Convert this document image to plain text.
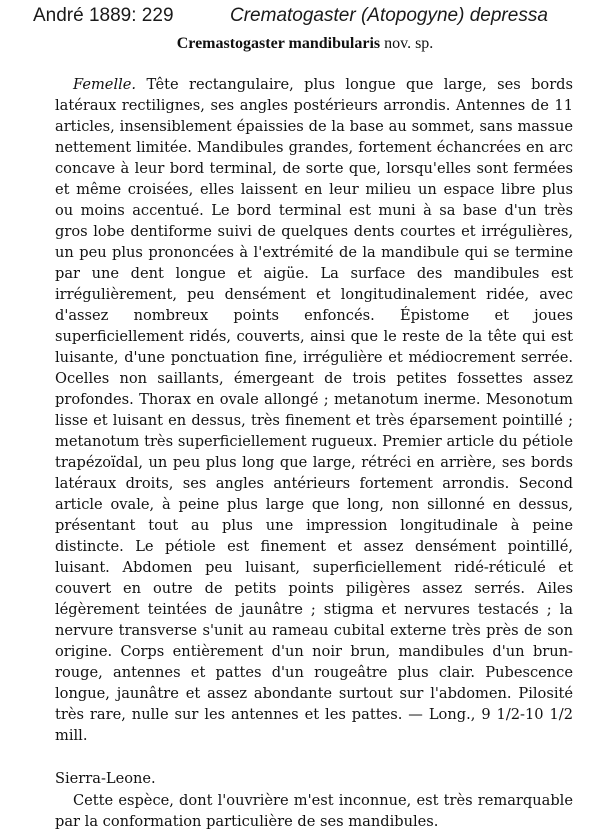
André 1889: 229	Crematogaster (Atopogyne) depressa
Cremastogaster mandibularis nov. sp.

Femelle. Tête rectangulaire, plus longue que large, ses bords latéraux rectilignes, ses angles postérieurs arrondis. Antennes de 11 articles, insensiblement épaissies de la base au sommet, sans massue nettement limitée. Mandibules grandes, fortement échancrées en arc concave à leur bord terminal, de sorte que, lorsqu'elles sont fermées et même croisées, elles laissent en leur milieu un espace libre plus ou moins accentué. Le bord terminal est muni à sa base d'un très gros lobe dentiforme suivi de quelques dents courtes et irrégulières, un peu plus prononcées à l'extrémité de la mandibule qui se termine par une dent longue et aigüe. La surface des mandibules est irrégulièrement, peu densément et longitudinalement ridée, avec d'assez nombreux points enfoncés. Épistome et joues superficiellement ridés, couverts, ainsi que le reste de la tête qui est luisante, d'une ponctuation fine, irrégulière et médiocrement serrée. Ocelles non saillants, émergeant de trois petites fossettes assez profondes. Thorax en ovale allongé ; metanotum inerme. Mesonotum lisse et luisant en dessus, très finement et très éparsement pointillé ; metanotum très superficiellement rugueux. Premier article du pétiole trapézoïdal, un peu plus long que large, rétréci en arrière, ses bords latéraux droits, ses angles antérieurs fortement arrondis. Second article ovale, à peine plus large que long, non sillonné en dessus, présentant tout au plus une impression longitudinale à peine distincte. Le pétiole est finement et assez densément pointillé, luisant. Abdomen peu luisant, superficiellement ridé-réticulé et couvert en outre de petits points piligères assez serrés. Ailes légèrement teintées de jaunâtre ; stigma et nervures testacés ; la nervure transverse s'unit au rameau cubital externe très près de son origine. Corps entièrement d'un noir brun, mandibules d'un brun-rouge, antennes et pattes d'un rougeâtre plus clair. Pubescence longue, jaunâtre et assez abondante surtout sur l'abdomen. Pilosité très rare, nulle sur les antennes et les pattes. — Long., 9 1/2-10 1/2 mill.

Sierra-Leone.

Cette espèce, dont l'ouvrière m'est inconnue, est très remarquable par la conformation particulière de ses mandibules.
